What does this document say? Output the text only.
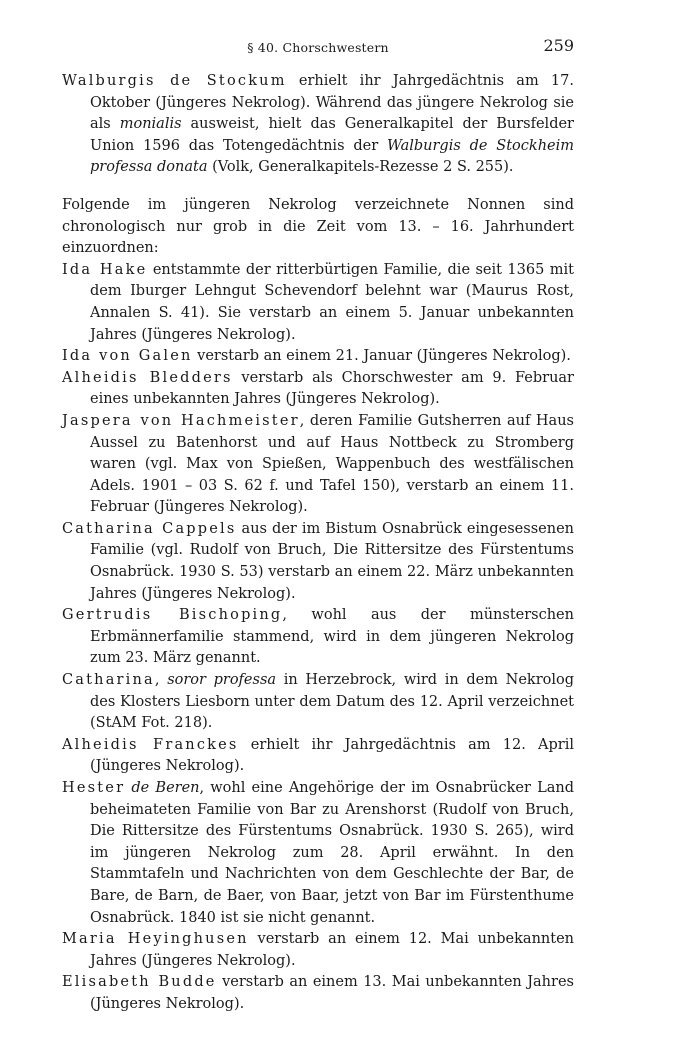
§ 40. Chorschwestern	259

Walburgis de Stockum erhielt ihr Jahrgedächtnis am 17. Oktober (Jüngeres Nekrolog). Während das jüngere Nekrolog sie als monialis ausweist, hielt das Generalkapitel der Bursfelder Union 1596 das Totengedächtnis der Walburgis de Stockheim professa donata (Volk, Generalkapitels-Rezesse 2 S. 255).

Folgende im jüngeren Nekrolog verzeichnete Nonnen sind chronologisch nur grob in die Zeit vom 13. – 16. Jahrhundert einzuordnen:

Ida Hake entstammte der ritterbürtigen Familie, die seit 1365 mit dem Iburger Lehngut Schevendorf belehnt war (Maurus Rost, Annalen S. 41). Sie verstarb an einem 5. Januar unbekannten Jahres (Jüngeres Nekrolog).

Ida von Galen verstarb an einem 21. Januar (Jüngeres Nekrolog).

Alheidis Bledders verstarb als Chorschwester am 9. Februar eines unbekannten Jahres (Jüngeres Nekrolog).

Jaspera von Hachmeister, deren Familie Gutsherren auf Haus Aussel zu Batenhorst und auf Haus Nottbeck zu Stromberg waren (vgl. Max von Spießen, Wappenbuch des westfälischen Adels. 1901 – 03 S. 62 f. und Tafel 150), verstarb an einem 11. Februar (Jüngeres Nekrolog).

Catharina Cappels aus der im Bistum Osnabrück eingesessenen Familie (vgl. Rudolf von Bruch, Die Rittersitze des Fürstentums Osnabrück. 1930 S. 53) verstarb an einem 22. März unbekannten Jahres (Jüngeres Nekrolog).

Gertrudis Bischoping, wohl aus der münsterschen Erbmännerfamilie stammend, wird in dem jüngeren Nekrolog zum 23. März genannt.

Catharina, soror professa in Herzebrock, wird in dem Nekrolog des Klosters Liesborn unter dem Datum des 12. April verzeichnet (StAM Fot. 218).

Alheidis Franckes erhielt ihr Jahrgedächtnis am 12. April (Jüngeres Nekrolog).

Hester de Beren, wohl eine Angehörige der im Osnabrücker Land beheimateten Familie von Bar zu Arenshorst (Rudolf von Bruch, Die Rittersitze des Fürstentums Osnabrück. 1930 S. 265), wird im jüngeren Nekrolog zum 28. April erwähnt. In den Stammtafeln und Nachrichten von dem Geschlechte der Bar, de Bare, de Barn, de Baer, von Baar, jetzt von Bar im Fürstenthume Osnabrück. 1840 ist sie nicht genannt.

Maria Heyinghusen verstarb an einem 12. Mai unbekannten Jahres (Jüngeres Nekrolog).

Elisabeth Budde verstarb an einem 13. Mai unbekannten Jahres (Jüngeres Nekrolog).
